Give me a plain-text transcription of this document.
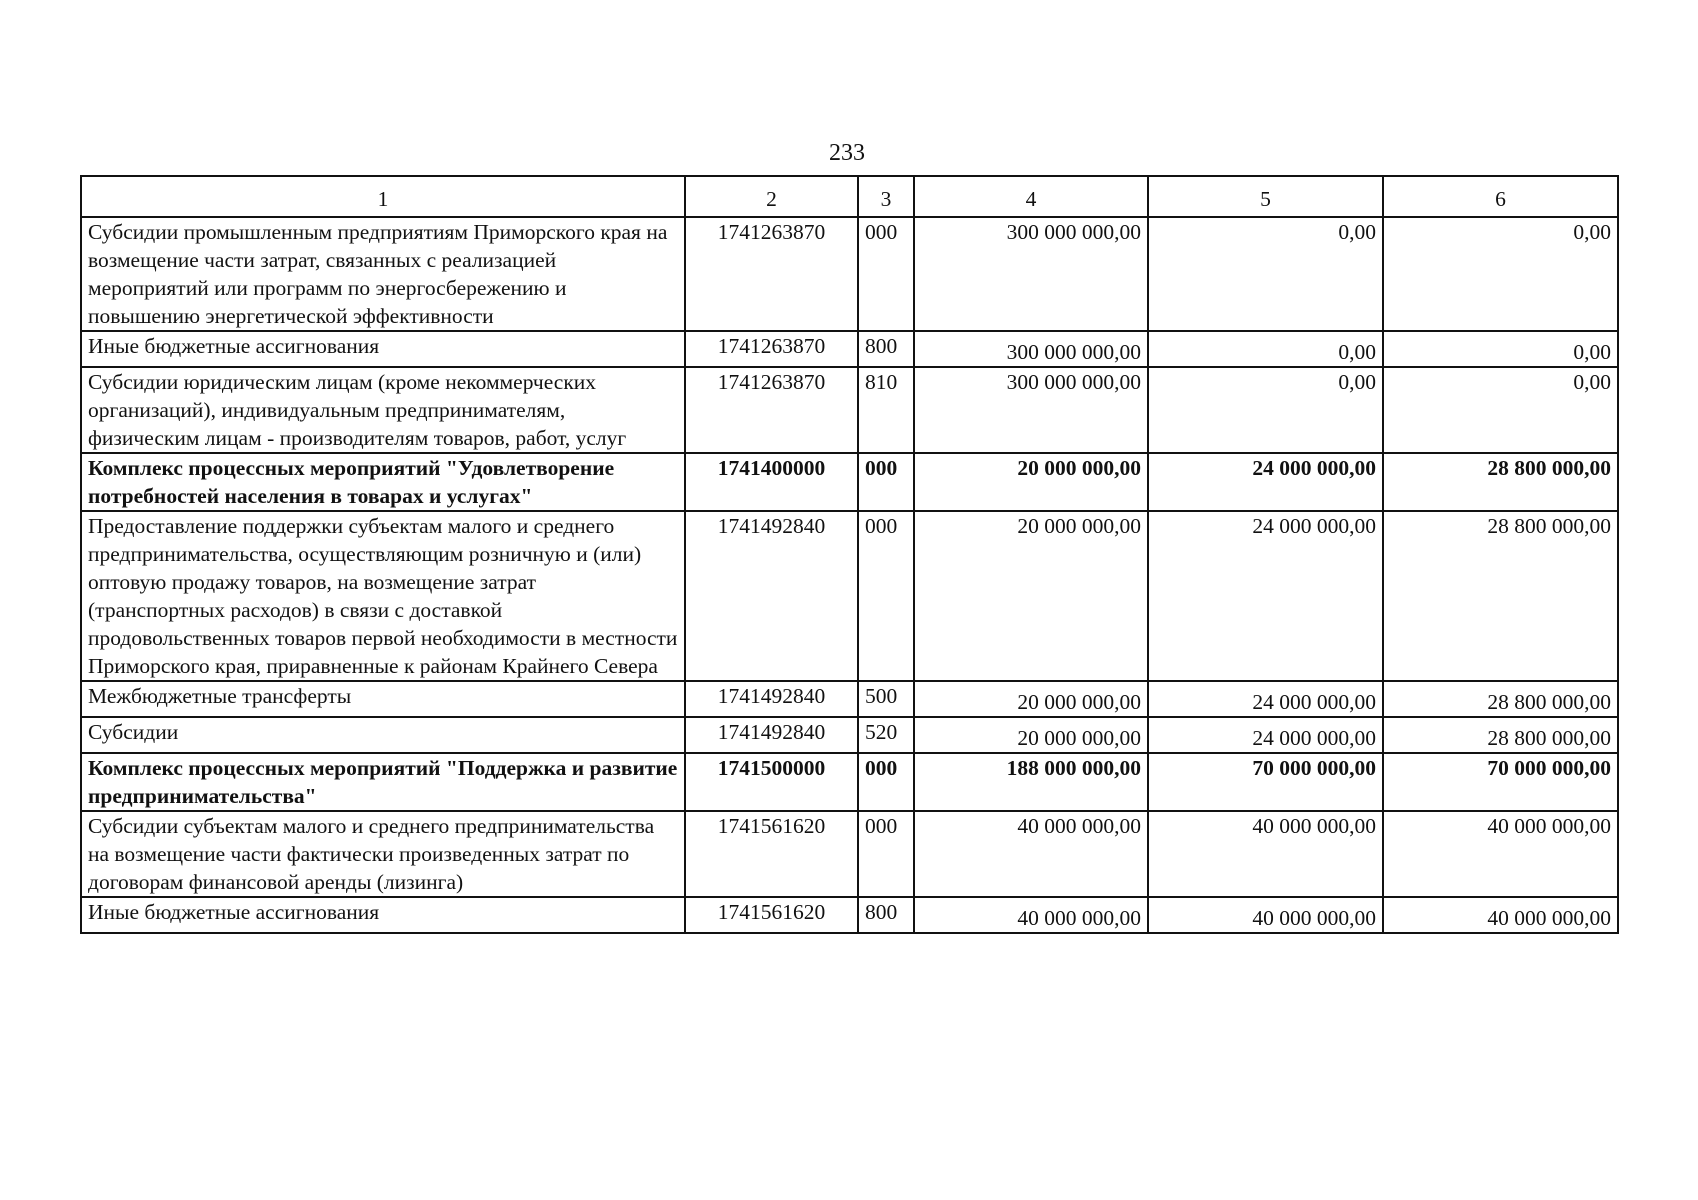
233
1	2	3	4	5	6
Субсидии промышленным предприятиям Приморского края на возмещение части затрат, связанных с реализацией мероприятий или программ по энергосбережению и повышению энергетической эффективности	1741263870	000	300 000 000,00	0,00	0,00
Иные бюджетные ассигнования	1741263870	800	300 000 000,00	0,00	0,00
Субсидии юридическим лицам (кроме некоммерческих организаций), индивидуальным предпринимателям, физическим лицам - производителям товаров, работ, услуг	1741263870	810	300 000 000,00	0,00	0,00
Комплекс процессных мероприятий "Удовлетворение потребностей населения в товарах и услугах"	1741400000	000	20 000 000,00	24 000 000,00	28 800 000,00
Предоставление поддержки субъектам малого и среднего предпринимательства, осуществляющим розничную и (или) оптовую продажу товаров, на возмещение затрат (транспортных расходов) в связи с доставкой продовольственных товаров первой необходимости в местности Приморского края, приравненные к районам Крайнего Севера	1741492840	000	20 000 000,00	24 000 000,00	28 800 000,00
Межбюджетные трансферты	1741492840	500	20 000 000,00	24 000 000,00	28 800 000,00
Субсидии	1741492840	520	20 000 000,00	24 000 000,00	28 800 000,00
Комплекс процессных мероприятий "Поддержка и развитие предпринимательства"	1741500000	000	188 000 000,00	70 000 000,00	70 000 000,00
Субсидии субъектам малого и среднего предпринимательства на возмещение части фактически произведенных затрат по договорам финансовой аренды (лизинга)	1741561620	000	40 000 000,00	40 000 000,00	40 000 000,00
Иные бюджетные ассигнования	1741561620	800	40 000 000,00	40 000 000,00	40 000 000,00
